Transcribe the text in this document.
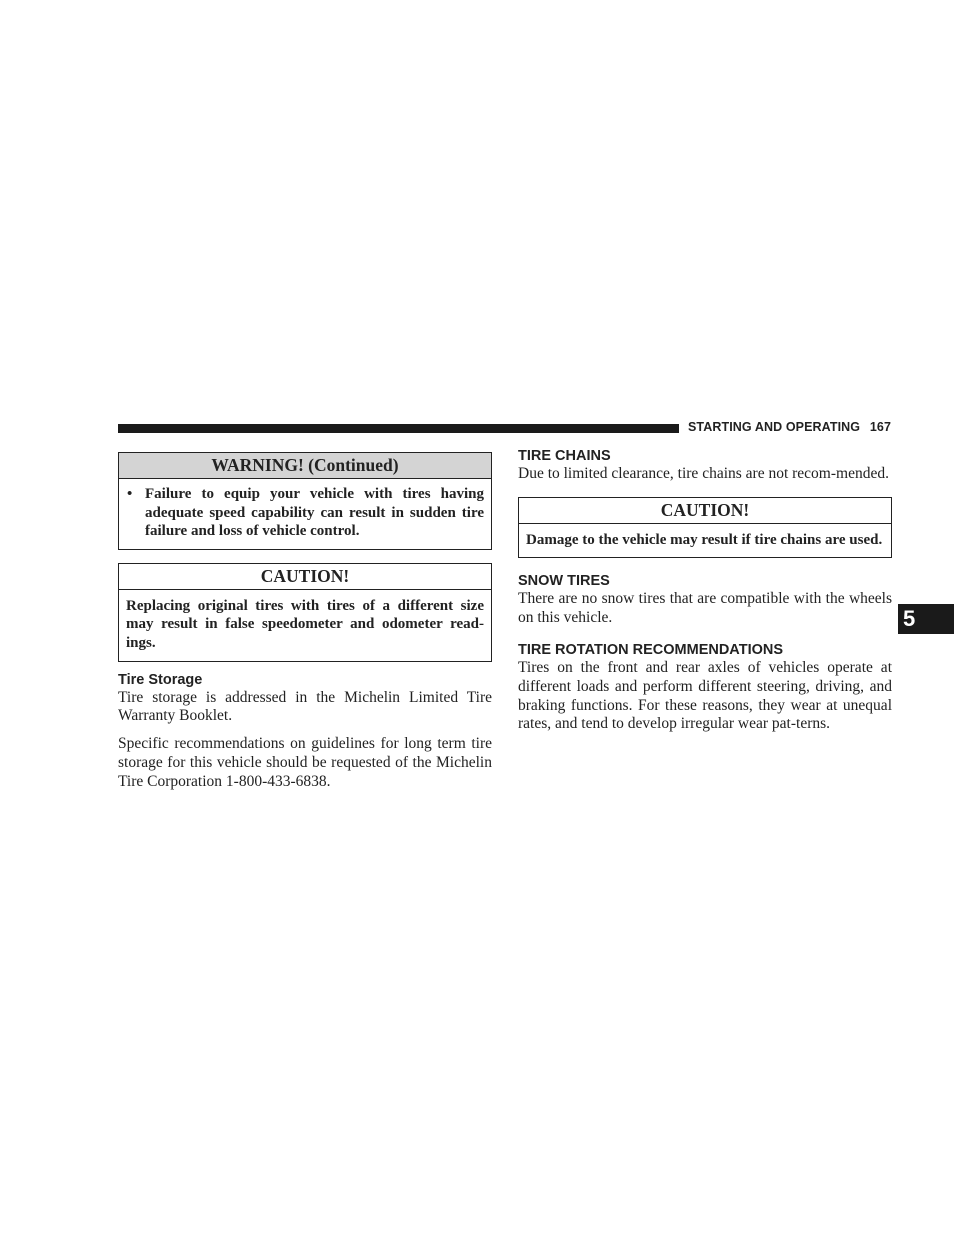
STARTING AND OPERATING 167
5
WARNING! (Continued)
• Failure to equip your vehicle with tires having adequate speed capability can result in sudden tire failure and loss of vehicle control.
CAUTION!
Replacing original tires with tires of a different size may result in false speedometer and odometer read-ings.
Tire Storage

Tire storage is addressed in the Michelin Limited Tire Warranty Booklet.

Specific recommendations on guidelines for long term tire storage for this vehicle should be requested of the Michelin Tire Corporation 1-800-433-6838.

TIRE CHAINS

Due to limited clearance, tire chains are not recom-mended.

CAUTION!
Damage to the vehicle may result if tire chains are used.
SNOW TIRES

There are no snow tires that are compatible with the wheels on this vehicle.

TIRE ROTATION RECOMMENDATIONS

Tires on the front and rear axles of vehicles operate at different loads and perform different steering, driving, and braking functions. For these reasons, they wear at unequal rates, and tend to develop irregular wear pat-terns.
